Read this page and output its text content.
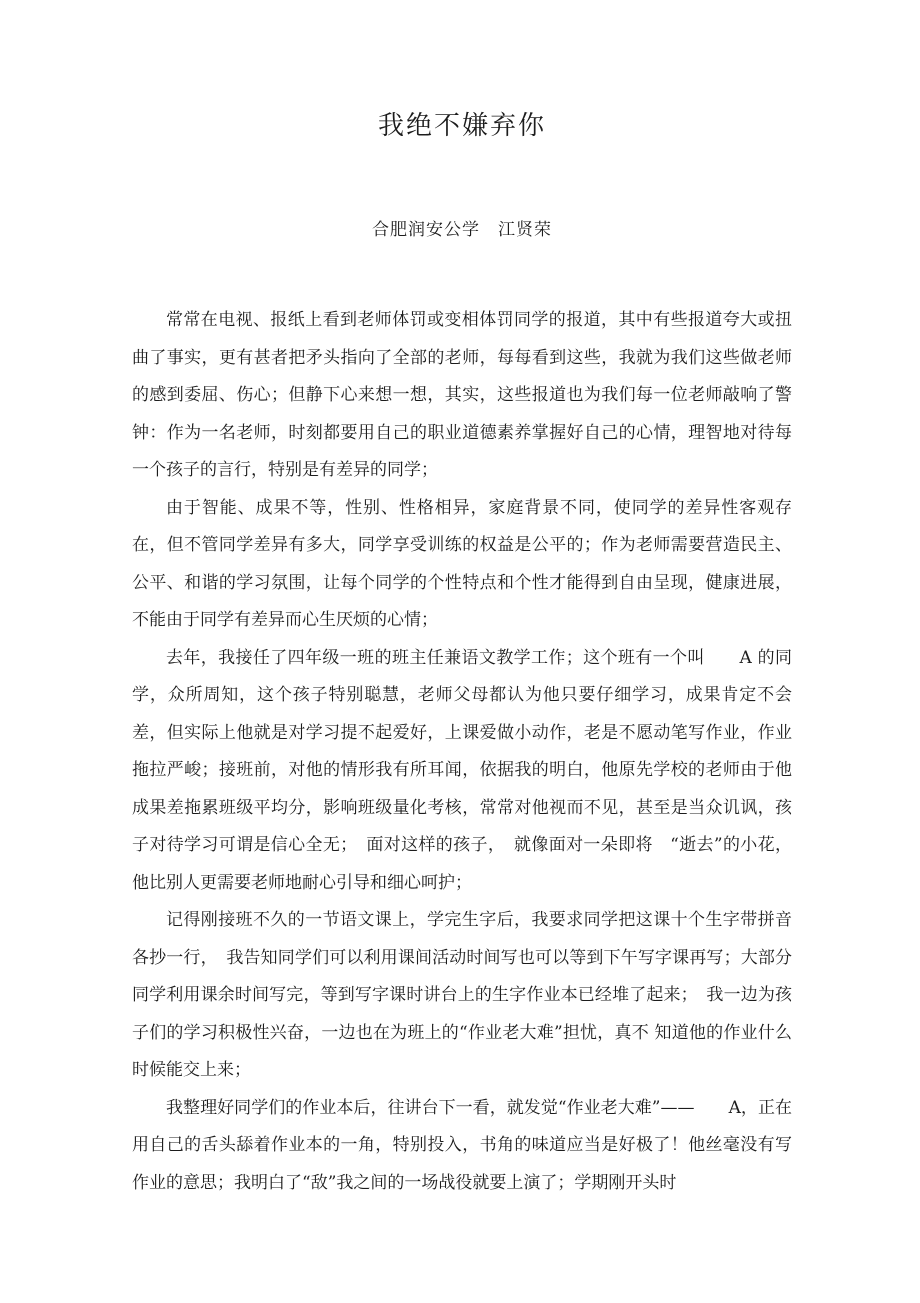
我绝不嫌弃你
合肥润安公学　江贤荣

常常在电视、报纸上看到老师体罚或变相体罚同学的报道，其中有些报道夸大或扭曲了事实，更有甚者把矛头指向了全部的老师，每每看到这些，我就为我们这些做老师的感到委屈、伤心；但静下心来想一想，其实，这些报道也为我们每一位老师敲响了警钟：作为一名老师，时刻都要用自己的职业道德素养掌握好自己的心情，理智地对待每一个孩子的言行，特别是有差异的同学；

由于智能、成果不等，性别、性格相异，家庭背景不同，使同学的差异性客观存在，但不管同学差异有多大，同学享受训练的权益是公平的；作为老师需要营造民主、公平、和谐的学习氛围，让每个同学的个性特点和个性才能得到自由呈现，健康进展，不能由于同学有差异而心生厌烦的心情；

去年，我接任了四年级一班的班主任兼语文教学工作；这个班有一个叫　　A 的同学，众所周知，这个孩子特别聪慧，老师父母都认为他只要仔细学习，成果肯定不会差，但实际上他就是对学习提不起爱好，上课爱做小动作，老是不愿动笔写作业，作业拖拉严峻；接班前，对他的情形我有所耳闻，依据我的明白，他原先学校的老师由于他成果差拖累班级平均分，影响班级量化考核，常常对他视而不见，甚至是当众讥讽，孩子对待学习可谓是信心全无；　面对这样的孩子，　就像面对一朵即将　“逝去”的小花，他比别人更需要老师地耐心引导和细心呵护；

记得刚接班不久的一节语文课上，学完生字后，我要求同学把这课十个生字带拼音各抄一行，　我告知同学们可以利用课间活动时间写也可以等到下午写字课再写；大部分同学利用课余时间写完，等到写字课时讲台上的生字作业本已经堆了起来；　我一边为孩子们的学习积极性兴奋，一边也在为班上的“作业老大难”担忧，真不 知道他的作业什么时候能交上来；

我整理好同学们的作业本后，往讲台下一看，就发觉“作业老大难”——　　A，正在用自己的舌头舔着作业本的一角，特别投入，书角的味道应当是好极了！他丝毫没有写作业的意思；我明白了“敌”我之间的一场战役就要上演了；学期刚开头时
